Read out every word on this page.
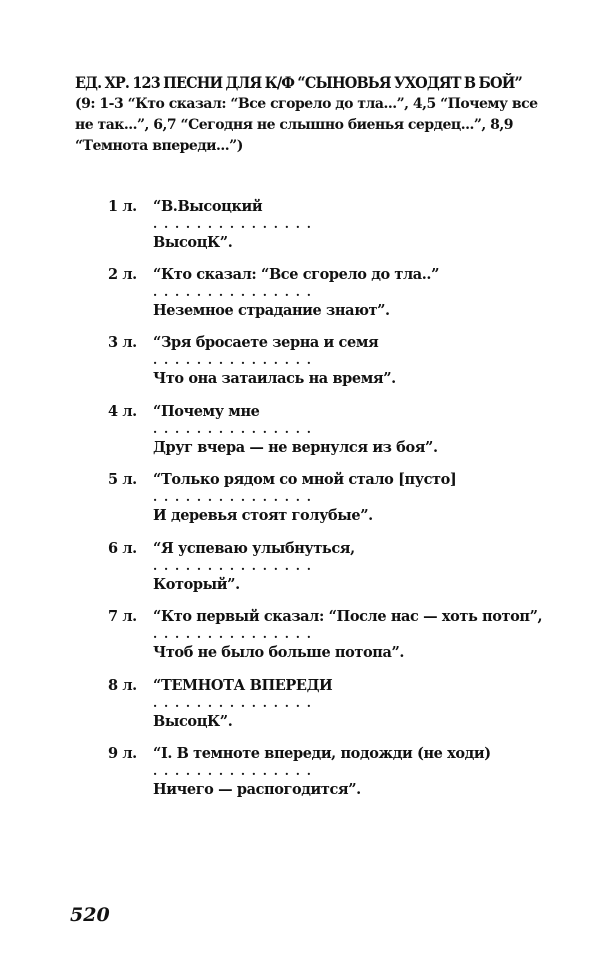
ЕД. ХР. 123 ПЕСНИ ДЛЯ К/Ф “СЫНОВЬЯ УХОДЯТ В БОЙ”
(9: 1-3 “Кто сказал: “Все сгорело до тла...”, 4,5 “Почему все не так...”, 6,7 “Сегодня не слышно биенья сердец...”, 8,9 “Темнота впереди...”)
1 л. “В.Высоцкий
...............
ВысоцК”.
2 л. “Кто сказал: “Все сгорело до тла..”
...............
Неземное страдание знают”.
3 л. “Зря бросаете зерна и семя
...............
Что она затаилась на время”.
4 л. “Почему мне
...............
Друг вчера — не вернулся из боя”.
5 л. “Только рядом со мной стало [пусто]
...............
И деревья стоят голубые”.
6 л. “Я успеваю улыбнуться,
...............
Который”.
7 л. “Кто первый сказал: “После нас — хоть потоп”,
...............
Чтоб не было больше потопа”.
8 л. “ТЕМНОТА ВПЕРЕДИ
...............
ВысоцК”.
9 л. “I. В темноте впереди, подожди (не ходи)
...............
Ничего — распогодится”.
520
